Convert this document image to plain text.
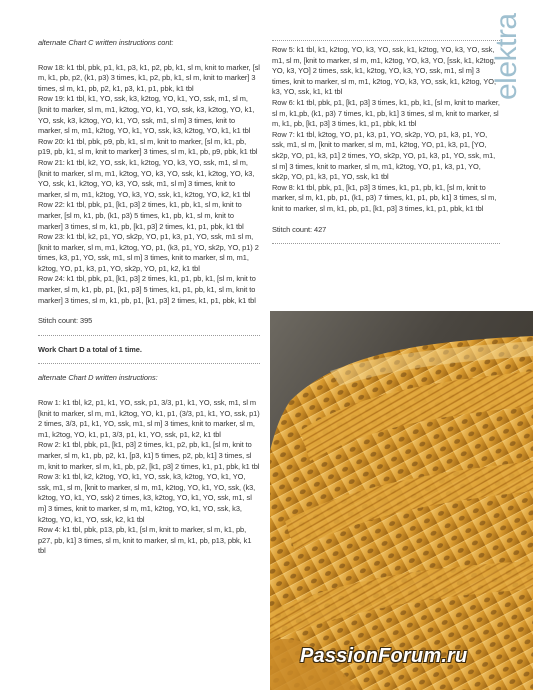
elektra

alternate Chart C written instructions cont:

Row 18: k1 tbl, pbk, p1, k1, p3, k1, p2, pb, k1, sl m, knit to marker, [sl m, k1, pb, p2, (k1, p3) 3 times, k1, p2, pb, k1, sl m, knit to marker] 3 times, sl m, k1, pb, p2, k1, p3, k1, p1, pbk, k1 tbl

Row 19: k1 tbl, k1, YO, ssk, k3, k2tog, YO, k1, YO, ssk, m1, sl m, [knit to marker, sl m, m1, k2tog, YO, k1, YO, ssk, k3, k2tog, YO, k1, YO, ssk, k3, k2tog, YO, k1, YO, ssk, m1, sl m] 3 times, knit to marker, sl m, m1, k2tog, YO, k1, YO, ssk, k3, k2tog, YO, k1, k1 tbl

Row 20: k1 tbl, pbk, p9, pb, k1, sl m, knit to marker, [sl m, k1, pb, p19, pb, k1, sl m, knit to marker] 3 times, sl m, k1, pb, p9, pbk, k1 tbl

Row 21: k1 tbl, k2, YO, ssk, k1, k2tog, YO, k3, YO, ssk, m1, sl m, [knit to marker, sl m, m1, k2tog, YO, k3, YO, ssk, k1, k2tog, YO, k3, YO, ssk, k1, k2tog, YO, k3, YO, ssk, m1, sl m] 3 times, knit to marker, sl m, m1, k2tog, YO, k3, YO, ssk, k1, k2tog, YO, k2, k1 tbl

Row 22: k1 tbl, pbk, p1, [k1, p3] 2 times, k1, pb, k1, sl m, knit to marker, [sl m, k1, pb, (k1, p3) 5 times, k1, pb, k1, sl m, knit to marker] 3 times, sl m, k1, pb, [k1, p3] 2 times, k1, p1, pbk, k1 tbl

Row 23: k1 tbl, k2, p1, YO, sk2p, YO, p1, k3, p1, YO, ssk, m1 sl m, [knit to marker, sl m, m1, k2tog, YO, p1, (k3, p1, YO, sk2p, YO, p1) 2 times, k3, p1, YO, ssk, m1, sl m] 3 times, knit to marker, sl m, m1, k2tog, YO, p1, k3, p1, YO, sk2p, YO, p1, k2, k1 tbl

Row 24: k1 tbl, pbk, p1, [k1, p3] 2 times, k1, p1, pb, k1, [sl m, knit to marker, sl m, k1, pb, p1, [k1, p3] 5 times, k1, p1, pb, k1, sl m, knit to marker] 3 times, sl m, k1, pb, p1, [k1, p3] 2 times, k1, p1, pbk, k1 tbl

Stitch count: 395

Work Chart D a total of 1 time.

alternate Chart D written instructions:

Row 1: k1 tbl, k2, p1, k1, YO, ssk, p1, 3/3, p1, k1, YO, ssk, m1, sl m [knit to marker, sl m, m1, k2tog, YO, k1, p1, (3/3, p1, k1, YO, ssk, p1) 2 times, 3/3, p1, k1, YO, ssk, m1, sl m] 3 times, knit to marker, sl m, m1, k2tog, YO, k1, p1, 3/3, p1, k1, YO, ssk, p1, k2, k1 tbl

Row 2: k1 tbl, pbk, p1, [k1, p3] 2 times, k1, p2, pb, k1, [sl m, knit to marker, sl m, k1, pb, p2, k1, [p3, k1] 5 times, p2, pb, k1] 3 times, sl m, knit to marker, sl m, k1, pb, p2, [k1, p3] 2 times, k1, p1, pbk, k1 tbl

Row 3: k1 tbl, k2, k2tog, YO, k1, YO, ssk, k3, k2tog, YO, k1, YO, ssk, m1, sl m, [knit to marker, sl m, m1, k2tog, YO, k1, YO, ssk, (k3, k2tog, YO, k1, YO, ssk) 2 times, k3, k2tog, YO, k1, YO, ssk, m1, sl m] 3 times, knit to marker, sl m, m1, k2tog, YO, k1, YO, ssk, k3, k2tog, YO, k1, YO, ssk, k2, k1 tbl

Row 4: k1 tbl, pbk, p13, pb, k1, [sl m, knit to marker, sl m, k1, pb, p27, pb, k1] 3 times, sl m, knit to marker, sl m, k1, pb, p13, pbk, k1 tbl

Row 5: k1 tbl, k1, k2tog, YO, k3, YO, ssk, k1, k2tog, YO, k3, YO, ssk, m1, sl m, [knit to marker, sl m, m1, k2tog, YO, k3, YO, [ssk, k1, k2tog, YO, k3, YO] 2 times, ssk, k1, k2tog, YO, k3, YO, ssk, m1, sl m] 3 times, knit to marker, sl m, m1, k2tog, YO, k3, YO, ssk, k1, k2tog, YO, k3, YO, ssk, k1, k1 tbl

Row 6: k1 tbl, pbk, p1, [k1, p3] 3 times, k1, pb, k1, [sl m, knit to marker, sl m, k1,pb, (k1, p3) 7 times, k1, pb, k1] 3 times, sl m, knit to marker, sl m, k1, pb, [k1, p3] 3 times, k1, p1, pbk, k1 tbl

Row 7: k1 tbl, k2tog, YO, p1, k3, p1, YO, sk2p, YO, p1, k3, p1, YO, ssk, m1, sl m, [knit to marker, sl m, m1, k2tog, YO, p1, k3, p1, [YO, sk2p, YO, p1, k3, p1] 2 times, YO, sk2p, YO, p1, k3, p1, YO, ssk, m1, sl m] 3 times, knit to marker, sl m, m1, k2tog, YO, p1, k3, p1, YO, sk2p, YO, p1, k3, p1, YO, ssk, k1 tbl

Row 8: k1 tbl, pbk, p1, [k1, p3] 3 times, k1, p1, pb, k1, [sl m, knit to marker, sl m, k1, pb, p1, (k1, p3) 7 times, k1, p1, pb, k1] 3 times, sl m, knit to marker, sl m, k1, pb, p1, [k1, p3] 3 times, k1, p1, pbk, k1 tbl

Stitch count: 427

PassionForum.ru
